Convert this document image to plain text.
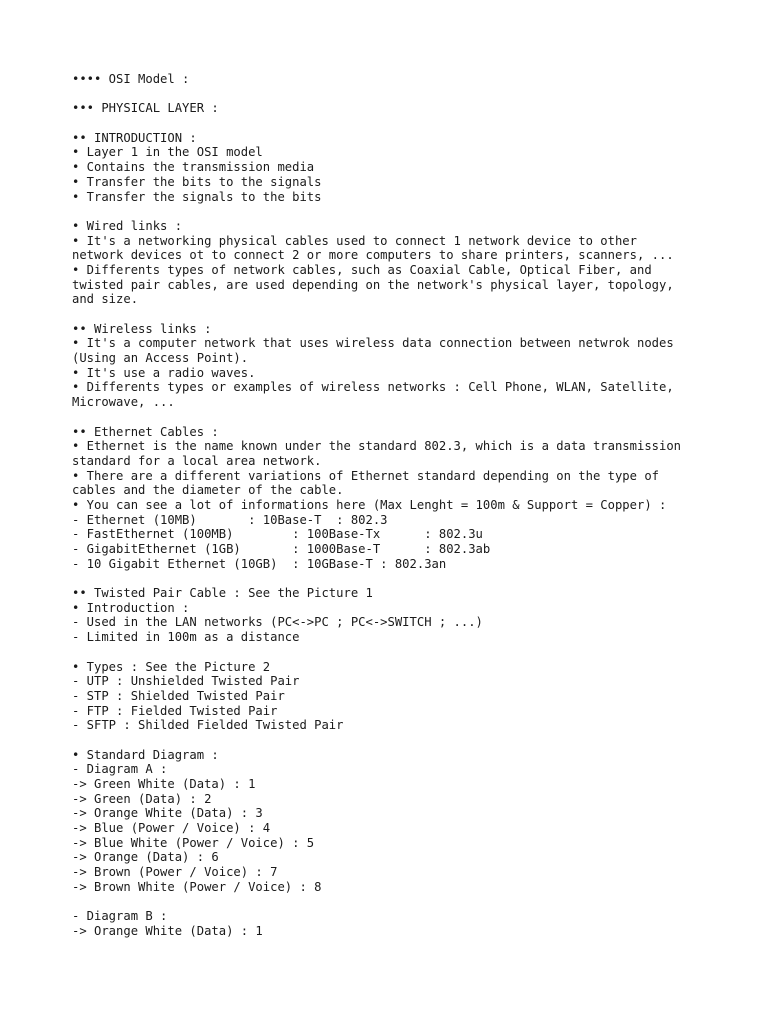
•••• OSI Model :
••• PHYSICAL LAYER :
•• INTRODUCTION :
• Layer 1 in the OSI model
• Contains the transmission media
• Transfer the bits to the signals
• Transfer the signals to the bits
• Wired links :
• It's a networking physical cables used to connect 1 network device to other
network devices ot to connect 2 or more computers to share printers, scanners, ...
• Differents types of network cables, such as Coaxial Cable, Optical Fiber, and
twisted pair cables, are used depending on the network's physical layer, topology,
and size.
•• Wireless links :
• It's a computer network that uses wireless data connection between netwrok nodes
(Using an Access Point).
• It's use a radio waves.
• Differents types or examples of wireless networks : Cell Phone, WLAN, Satellite,
Microwave, ...
•• Ethernet Cables :
• Ethernet is the name known under the standard 802.3, which is a data transmission
standard for a local area network.
• There are a different variations of Ethernet standard depending on the type of
cables and the diameter of the cable.
• You can see a lot of informations here (Max Lenght = 100m & Support = Copper) :
- Ethernet (10MB)       : 10Base-T  : 802.3
- FastEthernet (100MB)        : 100Base-Tx      : 802.3u
- GigabitEthernet (1GB)       : 1000Base-T      : 802.3ab
- 10 Gigabit Ethernet (10GB)  : 10GBase-T : 802.3an
•• Twisted Pair Cable : See the Picture 1
• Introduction :
- Used in the LAN networks (PC<->PC ; PC<->SWITCH ; ...)
- Limited in 100m as a distance
• Types : See the Picture 2
- UTP : Unshielded Twisted Pair
- STP : Shielded Twisted Pair
- FTP : Fielded Twisted Pair
- SFTP : Shilded Fielded Twisted Pair
• Standard Diagram :
- Diagram A :
-> Green White (Data) : 1
-> Green (Data) : 2
-> Orange White (Data) : 3
-> Blue (Power / Voice) : 4
-> Blue White (Power / Voice) : 5
-> Orange (Data) : 6
-> Brown (Power / Voice) : 7
-> Brown White (Power / Voice) : 8
- Diagram B :
-> Orange White (Data) : 1
